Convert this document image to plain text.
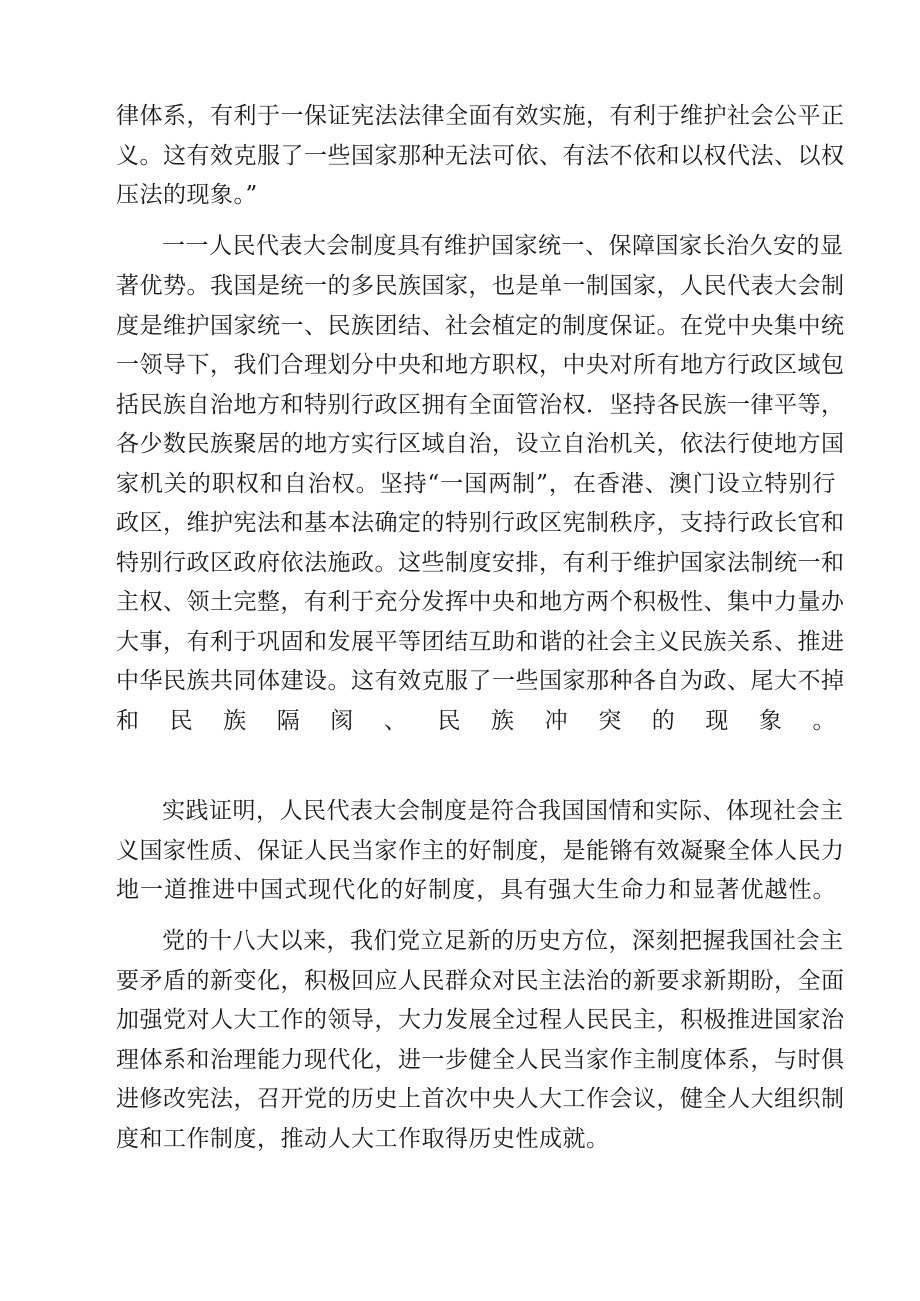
律体系，有利于一保证宪法法律全面有效实施，有利于维护社会公平正
义。这有效克服了一些国家那种无法可依、有法不依和以权代法、以权
压法的现象。”
一一人民代表大会制度具有维护国家统一、保障国家长治久安的显
著优势。我国是统一的多民族国家，也是单一制国家，人民代表大会制
度是维护国家统一、民族团结、社会植定的制度保证。在党中央集中统
一领导下，我们合理划分中央和地方职权，中央对所有地方行政区域包
括民族自治地方和特别行政区拥有全面管治权．坚持各民族一律平等，
各少数民族聚居的地方实行区域自治，设立自治机关，依法行使地方国
家机关的职权和自治权。坚持“一国两制”，在香港、澳门设立特别行
政区，维护宪法和基本法确定的特别行政区宪制秩序，支持行政长官和
特别行政区政府依法施政。这些制度安排，有利于维护国家法制统一和
主权、领土完整，有利于充分发挥中央和地方两个积极性、集中力量办
大事，有利于巩固和发展平等团结互助和谐的社会主义民族关系、推进
中华民族共同体建设。这有效克服了一些国家那种各自为政、尾大不掉
和民族隔阂、民族冲突的现象。
实践证明，人民代表大会制度是符合我国国情和实际、体现社会主
义国家性质、保证人民当家作主的好制度，是能锵有效凝聚全体人民力
地一道推进中国式现代化的好制度，具有强大生命力和显著优越性。
党的十八大以来，我们党立足新的历史方位，深刻把握我国社会主
要矛盾的新变化，积极回应人民群众对民主法治的新要求新期盼，全面
加强党对人大工作的领导，大力发展全过程人民民主，积极推进国家治
理体系和治理能力现代化，进一步健全人民当家作主制度体系，与时俱
进修改宪法，召开党的历史上首次中央人大工作会议，健全人大组织制
度和工作制度，推动人大工作取得历史性成就。
